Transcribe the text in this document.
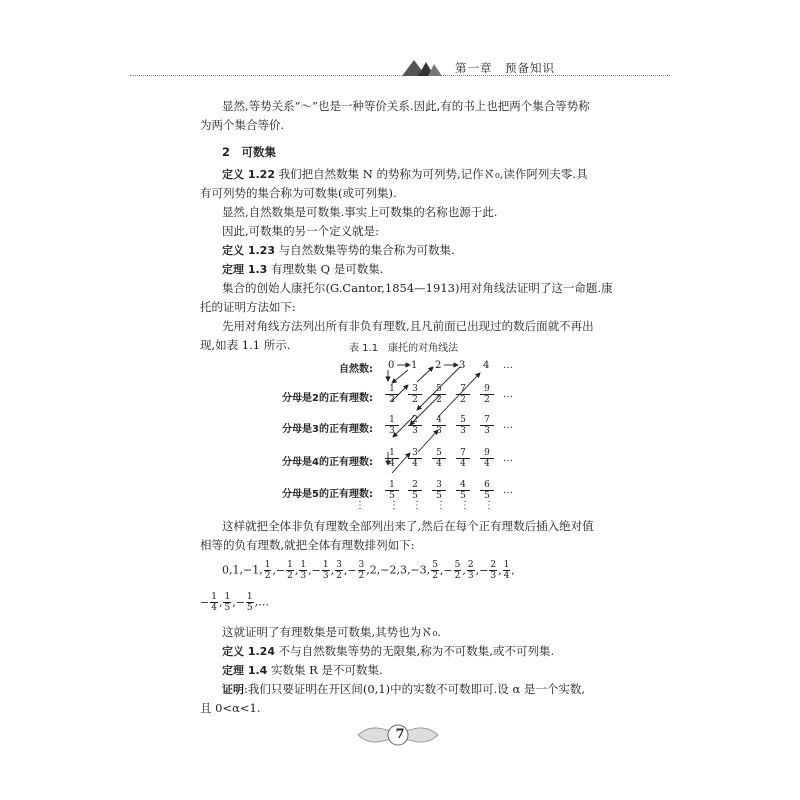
第一章　预备知识
显然,等势关系“～”也是一种等价关系.因此,有的书上也把两个集合等势称
为两个集合等价.
2　可数集
定义 1.22 我们把自然数集 N 的势称为可列势,记作ℵ₀,读作阿列夫零.具
有可列势的集合称为可数集(或可列集).
显然,自然数集是可数集.事实上可数集的名称也源于此.
因此,可数集的另一个定义就是:
定义 1.23 与自然数集等势的集合称为可数集.
定理 1.3 有理数集 Q 是可数集.
集合的创始人康托尔(G.Cantor,1854—1913)用对角线法证明了这一命题.康
托的证明方法如下:
先用对角线方法列出所有非负有理数,且凡前面已出现过的数后面就不再出
现,如表 1.1 所示.	表 1.1　康托的对角线法
自然数:
分母是2的正有理数:
分母是3的正有理数:
分母是4的正有理数:
分母是5的正有理数:
0 1 2 3 4 …
…
…
…
…
1
2
3
2
5
2
7
2
9
2
1
3
2
3
4
3
5
3
7
3
1
4
3
4
5
4
7
4
9
4
1
5
2
5
3
5
4
5
6
5
⋮ ⋮ ⋮ ⋮ ⋮
⋮
这样就把全体非负有理数全部列出来了,然后在每个正有理数后插入绝对值
相等的负有理数,就把全体有理数排列如下:
0,1,−1, $\frac{1}{2}$ ,− $\frac{1}{2}$ , $\frac{1}{3}$ ,− $\frac{1}{3}$ , $\frac{3}{2}$ ,− $\frac{3}{2} ,2,-2,3,-3$, $\frac{5}{2}$ ,− $\frac{5}{2}$ , $\frac{2}{3}$ ,− $\frac{2}{3}$ , $\frac{1}{4}$ ,
− $\frac{1}{4}$ , $\frac{1}{5}$ ,− $\frac{1}{5}$ ,…
这就证明了有理数集是可数集,其势也为ℵ₀.
定义 1.24 不与自然数集等势的无限集,称为不可数集,或不可列集.
定理 1.4 实数集 R 是不可数集.
证明:我们只要证明在开区间(0,1)中的实数不可数即可.设 α 是一个实数,
且 0<α<1.
7
